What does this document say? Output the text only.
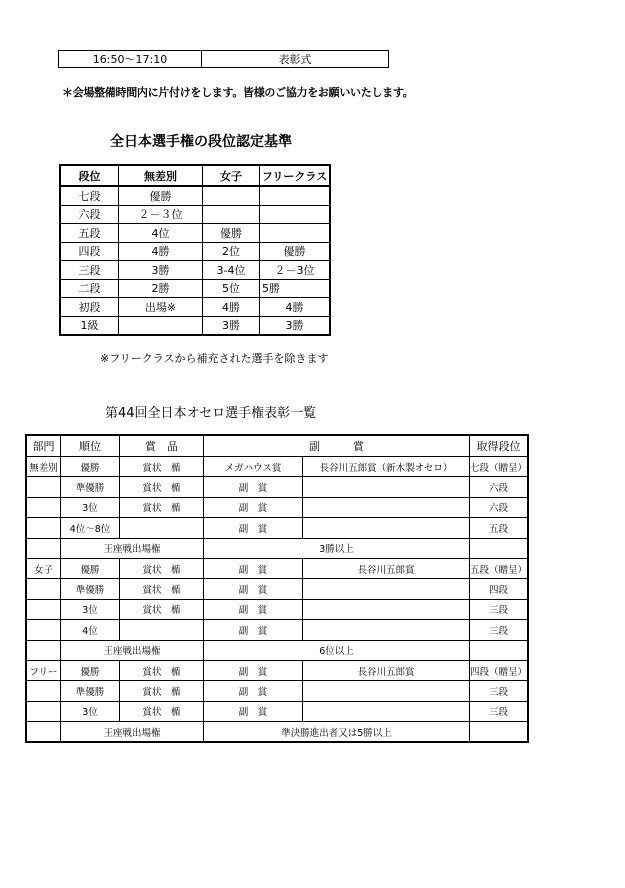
16:50〜17:10	表彰式
＊会場整備時間内に片付けをします。皆様のご協力をお願いいたします。
全日本選手権の段位認定基準
段位	無差別	女子	フリークラス
七段	優勝		
六段	２－３位		
五段	4位	優勝	
四段	4勝	2位	優勝
三段	3勝	3-4位	２－3位
二段	2勝	5位	5勝
初段	出場※	4勝	4勝
1級		3勝	3勝
※フリークラスから補充された選手を除きます
第44回全日本オセロ選手権表彰一覧
部門	順位	賞　品	副　　　賞		取得段位
無差別	優勝	賞状　楯	メガハウス賞	長谷川五郎賞（新木製オセロ）	七段（贈呈）
	準優勝	賞状　楯	副　賞		六段
	3位	賞状　楯	副　賞		六段
	4位〜8位		副　賞		五段
	王座戦出場権		3勝以上		
女子	優勝	賞状　楯	副　賞	長谷川五郎賞	五段（贈呈）
	準優勝	賞状　楯	副　賞		四段
	3位	賞状　楯	副　賞		三段
	4位		副　賞		三段
	王座戦出場権		6位以上		
フリー	優勝	賞状　楯	副　賞	長谷川五郎賞	四段（贈呈）
	準優勝	賞状　楯	副　賞		三段
	3位	賞状　楯	副　賞		三段
	王座戦出場権		準決勝進出者又は5勝以上		
